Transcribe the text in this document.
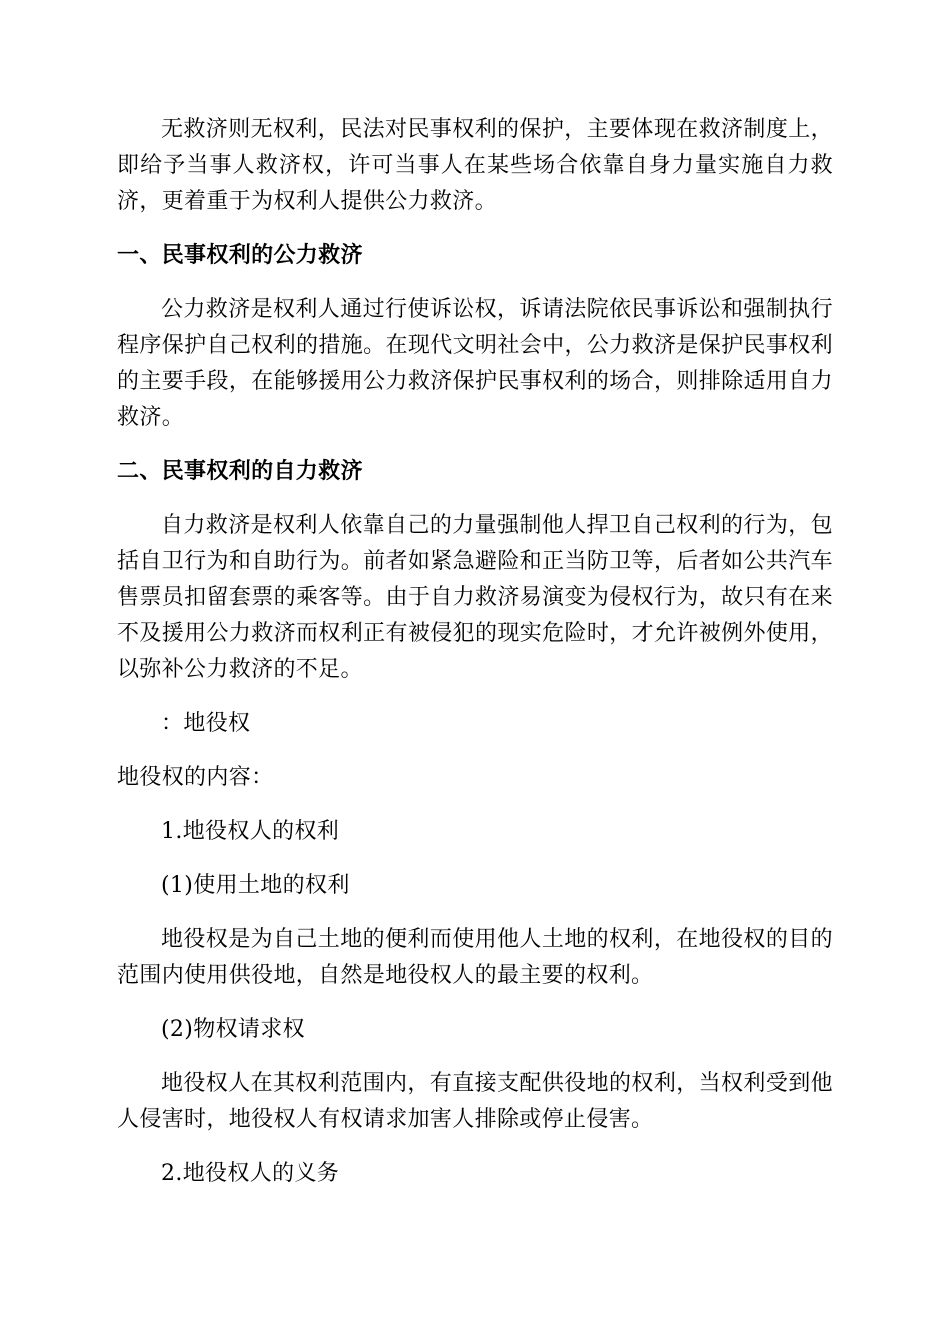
无救济则无权利，民法对民事权利的保护，主要体现在救济制度上，即给予当事人救济权，许可当事人在某些场合依靠自身力量实施自力救济，更着重于为权利人提供公力救济。

一、民事权利的公力救济

公力救济是权利人通过行使诉讼权，诉请法院依民事诉讼和强制执行程序保护自己权利的措施。在现代文明社会中，公力救济是保护民事权利的主要手段，在能够援用公力救济保护民事权利的场合，则排除适用自力救济。

二、民事权利的自力救济

自力救济是权利人依靠自己的力量强制他人捍卫自己权利的行为，包括自卫行为和自助行为。前者如紧急避险和正当防卫等，后者如公共汽车售票员扣留套票的乘客等。由于自力救济易演变为侵权行为，故只有在来不及援用公力救济而权利正有被侵犯的现实危险时，才允许被例外使用，以弥补公力救济的不足。

：地役权

地役权的内容：

1.地役权人的权利

(1)使用土地的权利

地役权是为自己土地的便利而使用他人土地的权利，在地役权的目的范围内使用供役地，自然是地役权人的最主要的权利。

(2)物权请求权

地役权人在其权利范围内，有直接支配供役地的权利，当权利受到他人侵害时，地役权人有权请求加害人排除或停止侵害。

2.地役权人的义务
